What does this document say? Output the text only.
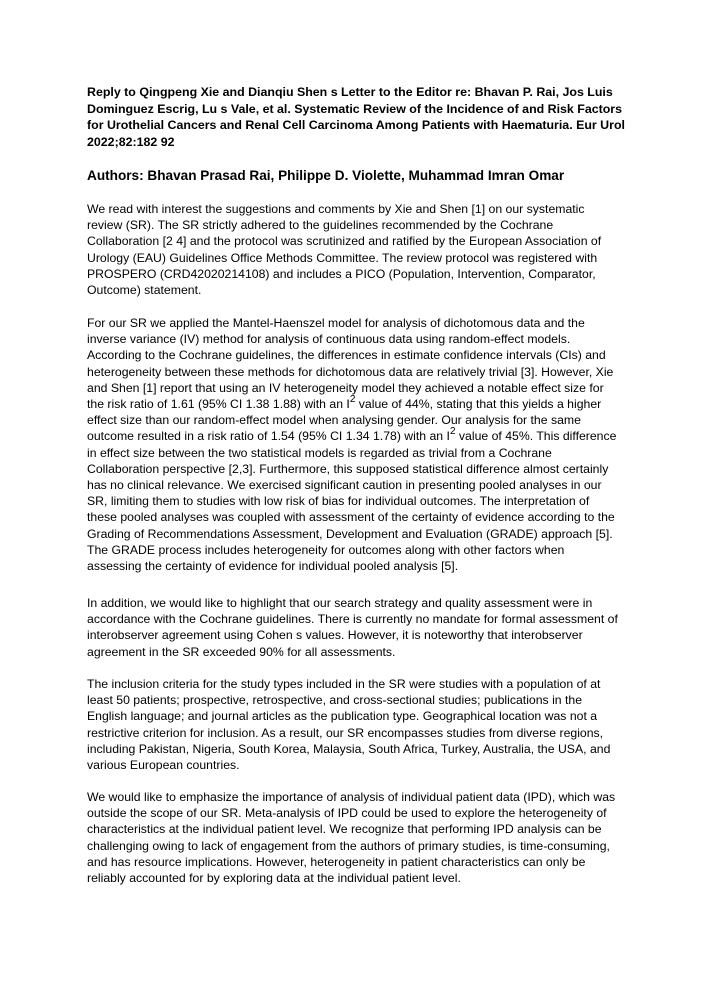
Reply to Qingpeng Xie and Dianqiu Shen s Letter to the Editor re: Bhavan P. Rai, Jos Luis Dominguez Escrig, Lu s Vale, et al. Systematic Review of the Incidence of and Risk Factors for Urothelial Cancers and Renal Cell Carcinoma Among Patients with Haematuria. Eur Urol 2022;82:182 92

Authors: Bhavan Prasad Rai, Philippe D. Violette, Muhammad Imran Omar

We read with interest the suggestions and comments by Xie and Shen [1] on our systematic review (SR). The SR strictly adhered to the guidelines recommended by the Cochrane Collaboration [2 4] and the protocol was scrutinized and ratified by the European Association of Urology (EAU) Guidelines Office Methods Committee. The review protocol was registered with PROSPERO (CRD42020214108) and includes a PICO (Population, Intervention, Comparator, Outcome) statement.

For our SR we applied the Mantel-Haenszel model for analysis of dichotomous data and the inverse variance (IV) method for analysis of continuous data using random-effect models. According to the Cochrane guidelines, the differences in estimate confidence intervals (CIs) and heterogeneity between these methods for dichotomous data are relatively trivial [3]. However, Xie and Shen [1] report that using an IV heterogeneity model they achieved a notable effect size for the risk ratio of 1.61 (95% CI 1.38 1.88) with an $I^2$ value of 44%, stating that this yields a higher effect size than our random-effect model when analysing gender. Our analysis for the same outcome resulted in a risk ratio of 1.54 (95% CI 1.34 1.78) with an $I^2$ value of 45%. This difference in effect size between the two statistical models is regarded as trivial from a Cochrane Collaboration perspective [2,3]. Furthermore, this supposed statistical difference almost certainly has no clinical relevance. We exercised significant caution in presenting pooled analyses in our SR, limiting them to studies with low risk of bias for individual outcomes. The interpretation of these pooled analyses was coupled with assessment of the certainty of evidence according to the Grading of Recommendations Assessment, Development and Evaluation (GRADE) approach [5]. The GRADE process includes heterogeneity for outcomes along with other factors when assessing the certainty of evidence for individual pooled analysis [5].

In addition, we would like to highlight that our search strategy and quality assessment were in accordance with the Cochrane guidelines. There is currently no mandate for formal assessment of interobserver agreement using Cohen s values. However, it is noteworthy that interobserver agreement in the SR exceeded 90% for all assessments.

The inclusion criteria for the study types included in the SR were studies with a population of at least 50 patients; prospective, retrospective, and cross-sectional studies; publications in the English language; and journal articles as the publication type. Geographical location was not a restrictive criterion for inclusion. As a result, our SR encompasses studies from diverse regions, including Pakistan, Nigeria, South Korea, Malaysia, South Africa, Turkey, Australia, the USA, and various European countries.

We would like to emphasize the importance of analysis of individual patient data (IPD), which was outside the scope of our SR. Meta-analysis of IPD could be used to explore the heterogeneity of characteristics at the individual patient level. We recognize that performing IPD analysis can be challenging owing to lack of engagement from the authors of primary studies, is time-consuming, and has resource implications. However, heterogeneity in patient characteristics can only be reliably accounted for by exploring data at the individual patient level.
